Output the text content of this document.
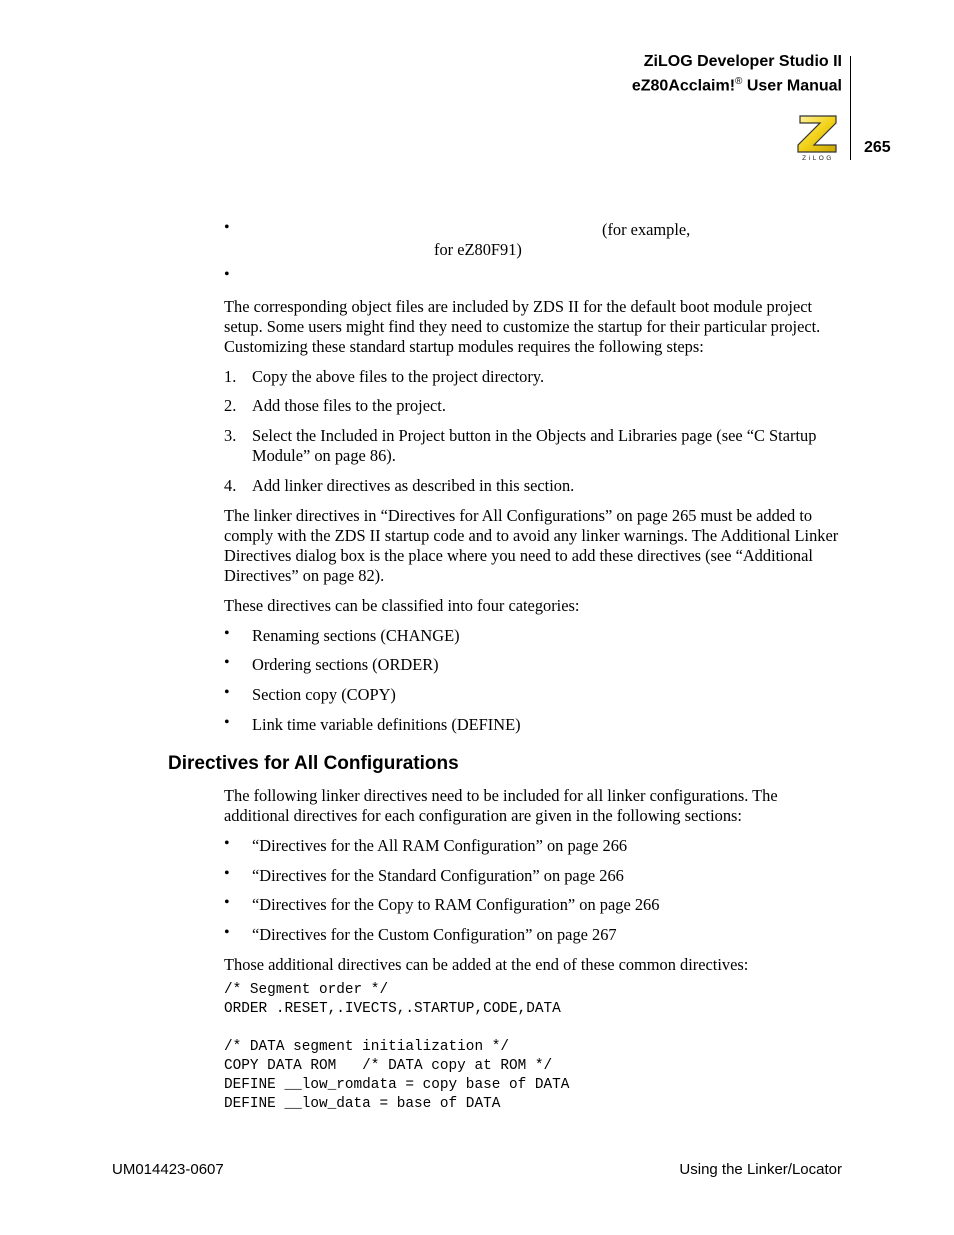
ZiLOG Developer Studio II
eZ80Acclaim!® User Manual
ZiLOG
265
•	(for example,
for eZ80F91)
•
The corresponding object files are included by ZDS II for the default boot module project setup. Some users might find they need to customize the startup for their particular project. Customizing these standard startup modules requires the following steps:
1. Copy the above files to the project directory.
2. Add those files to the project.
3. Select the Included in Project button in the Objects and Libraries page (see “C Startup Module” on page 86).
4. Add linker directives as described in this section.
The linker directives in “Directives for All Configurations” on page 265 must be added to comply with the ZDS II startup code and to avoid any linker warnings. The Additional Linker Directives dialog box is the place where you need to add these directives (see “Additional Directives” on page 82).
These directives can be classified into four categories:
• Renaming sections (CHANGE)
• Ordering sections (ORDER)
• Section copy (COPY)
• Link time variable definitions (DEFINE)
Directives for All Configurations
The following linker directives need to be included for all linker configurations. The additional directives for each configuration are given in the following sections:
• “Directives for the All RAM Configuration” on page 266
• “Directives for the Standard Configuration” on page 266
• “Directives for the Copy to RAM Configuration” on page 266
• “Directives for the Custom Configuration” on page 267
Those additional directives can be added at the end of these common directives:
/* Segment order */
ORDER .RESET,.IVECTS,.STARTUP,CODE,DATA

/* DATA segment initialization */
COPY DATA ROM   /* DATA copy at ROM */
DEFINE __low_romdata = copy base of DATA
DEFINE __low_data = base of DATA
UM014423-0607	Using the Linker/Locator
